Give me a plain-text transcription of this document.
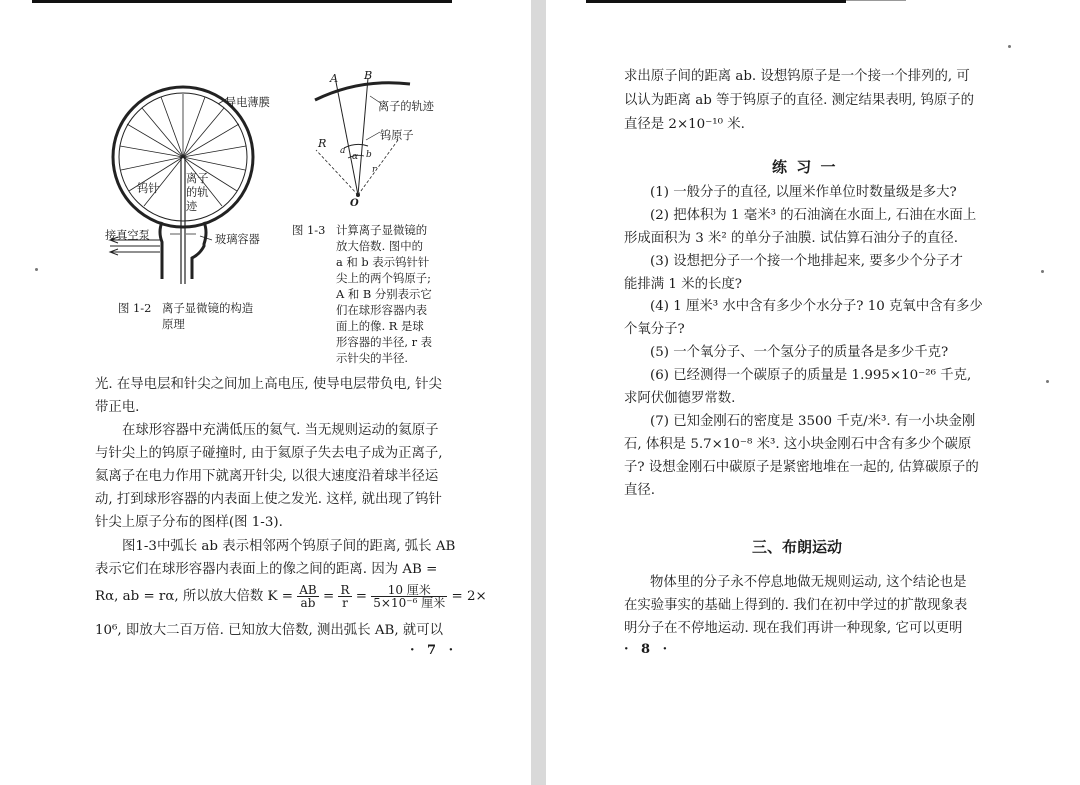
导电薄膜
钨针
离子的轨迹
接真空泵	玻璃容器
图 1-2 离子显微镜的构造
原理
A B
离子的轨迹
钨原子
R
a b
α
r
O
图 1-3 计算离子显微镜的
放大倍数. 图中的
a 和 b 表示钨针针
尖上的两个钨原子;
A 和 B 分别表示它
们在球形容器内表
面上的像. R 是球
形容器的半径, r 表
示针尖的半径.
光. 在导电层和针尖之间加上高电压, 使导电层带负电, 针尖
带正电.
在球形容器中充满低压的氦气. 当无规则运动的氦原子
与针尖上的钨原子碰撞时, 由于氦原子失去电子成为正离子,
氦离子在电力作用下就离开针尖, 以很大速度沿着球半径运
动, 打到球形容器的内表面上使之发光. 这样, 就出现了钨针
针尖上原子分布的图样(图 1-3).
图1-3中弧长 ab 表示相邻两个钨原子间的距离, 弧长 AB
表示它们在球形容器内表面上的像之间的距离. 因为 AB =
Rα, ab = rα, 所以放大倍数 $K = \frac{AB}{ab} = \frac{R}{r} = \frac{\text{10 厘米}}{\text{5×10⁻⁶ 厘米}} = 2\times$
10⁶, 即放大二百万倍. 已知放大倍数, 测出弧长 AB, 就可以
· 7 ·
求出原子间的距离 ab. 设想钨原子是一个接一个排列的, 可
以认为距离 ab 等于钨原子的直径. 测定结果表明, 钨原子的
直径是 2×10⁻¹⁰ 米.
练 习 一
(1) 一般分子的直径, 以厘米作单位时数量级是多大?
(2) 把体积为 1 毫米³ 的石油滴在水面上, 石油在水面上
形成面积为 3 米² 的单分子油膜. 试估算石油分子的直径.
(3) 设想把分子一个接一个地排起来, 要多少个分子才
能排满 1 米的长度?
(4) 1 厘米³ 水中含有多少个水分子? 10 克氧中含有多少
个氧分子?
(5) 一个氧分子、一个氢分子的质量各是多少千克?
(6) 已经测得一个碳原子的质量是 1.995×10⁻²⁶ 千克,
求阿伏伽德罗常数.
(7) 已知金刚石的密度是 3500 千克/米³. 有一小块金刚
石, 体积是 5.7×10⁻⁸ 米³. 这小块金刚石中含有多少个碳原
子? 设想金刚石中碳原子是紧密地堆在一起的, 估算碳原子的
直径.
三、布朗运动
物体里的分子永不停息地做无规则运动, 这个结论也是
在实验事实的基础上得到的. 我们在初中学过的扩散现象表
明分子在不停地运动. 现在我们再讲一种现象, 它可以更明
· 8 ·
